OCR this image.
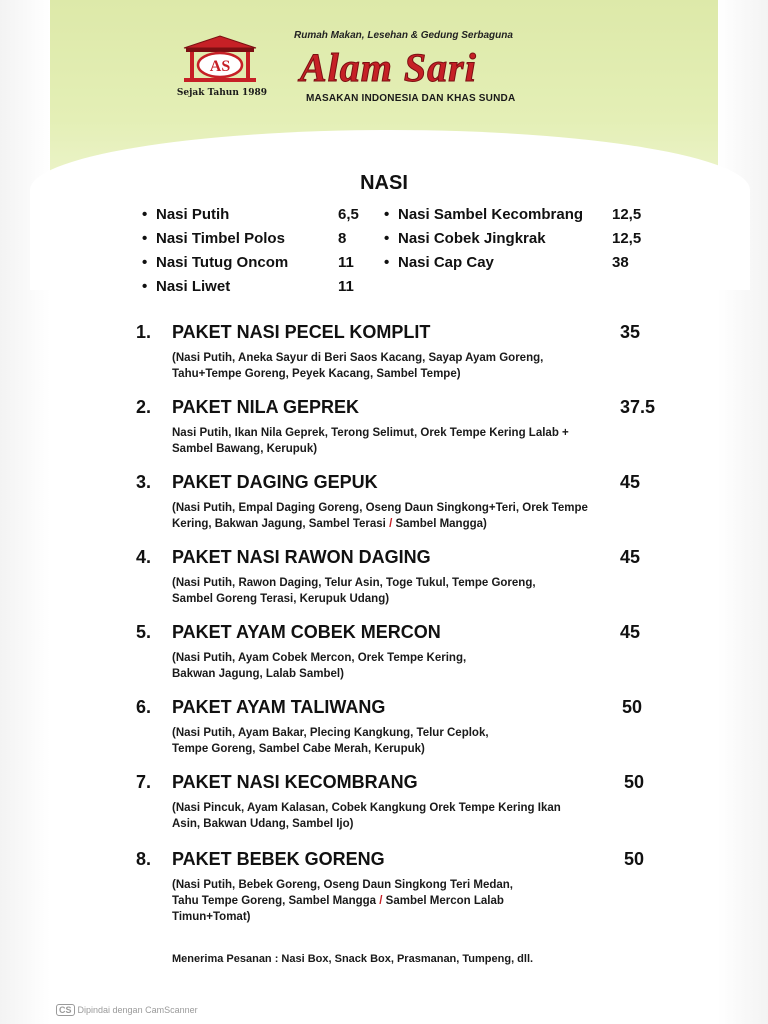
AS
Sejak Tahun 1989
Rumah Makan, Lesehan & Gedung Serbaguna
Alam Sari
MASAKAN INDONESIA DAN KHAS SUNDA
NASI
• Nasi Putih	6,5
• Nasi Timbel Polos	8
• Nasi Tutug Oncom	11
• Nasi Liwet	11
• Nasi Sambel Kecombrang 12,5
• Nasi Cobek Jingkrak	12,5
• Nasi Cap Cay	38
1. PAKET NASI PECEL KOMPLIT	35
(Nasi Putih, Aneka Sayur di Beri Saos Kacang, Sayap Ayam Goreng, Tahu+Tempe Goreng, Peyek Kacang, Sambel Tempe)
2. PAKET NILA GEPREK	37.5
Nasi Putih, Ikan Nila Geprek, Terong Selimut, Orek Tempe Kering Lalab + Sambel Bawang, Kerupuk)
3. PAKET DAGING GEPUK	45
(Nasi Putih, Empal Daging Goreng, Oseng Daun Singkong+Teri, Orek Tempe Kering, Bakwan Jagung, Sambel Terasi / Sambel Mangga)
4. PAKET NASI RAWON DAGING	45
(Nasi Putih, Rawon Daging, Telur Asin, Toge Tukul, Tempe Goreng, Sambel Goreng Terasi, Kerupuk Udang)
5. PAKET AYAM COBEK MERCON	45
(Nasi Putih, Ayam Cobek Mercon, Orek Tempe Kering, Bakwan Jagung, Lalab Sambel)
6. PAKET AYAM TALIWANG	50
(Nasi Putih, Ayam Bakar, Plecing Kangkung, Telur Ceplok, Tempe Goreng, Sambel Cabe Merah, Kerupuk)
7. PAKET NASI KECOMBRANG	50
(Nasi Pincuk, Ayam Kalasan, Cobek Kangkung Orek Tempe Kering Ikan Asin, Bakwan Udang, Sambel Ijo)
8. PAKET BEBEK GORENG	50
(Nasi Putih, Bebek Goreng, Oseng Daun Singkong Teri Medan, Tahu Tempe Goreng, Sambel Mangga / Sambel Mercon Lalab Timun+Tomat)
Menerima Pesanan : Nasi Box, Snack Box, Prasmanan, Tumpeng, dll.
CS Dipindai dengan CamScanner
